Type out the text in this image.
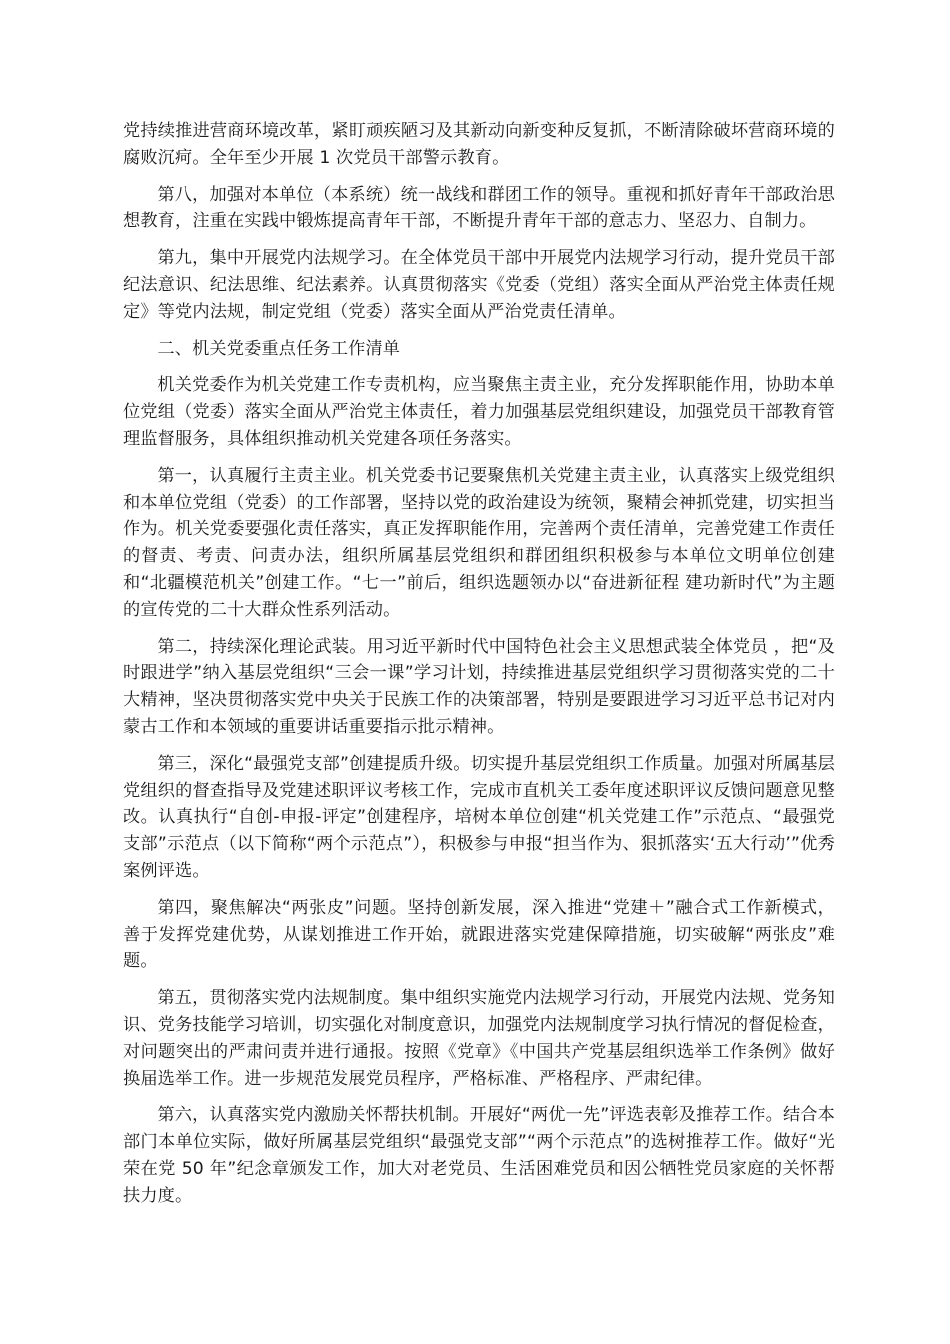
党持续推进营商环境改革，紧盯顽疾陋习及其新动向新变种反复抓，不断清除破坏营商环境的腐败沉疴。全年至少开展 1 次党员干部警示教育。

第八，加强对本单位（本系统）统一战线和群团工作的领导。重视和抓好青年干部政治思想教育，注重在实践中锻炼提高青年干部，不断提升青年干部的意志力、坚忍力、自制力。

第九，集中开展党内法规学习。在全体党员干部中开展党内法规学习行动，提升党员干部纪法意识、纪法思维、纪法素养。认真贯彻落实《党委（党组）落实全面从严治党主体责任规定》等党内法规，制定党组（党委）落实全面从严治党责任清单。

二、机关党委重点任务工作清单

机关党委作为机关党建工作专责机构，应当聚焦主责主业，充分发挥职能作用，协助本单位党组（党委）落实全面从严治党主体责任，着力加强基层党组织建设，加强党员干部教育管理监督服务，具体组织推动机关党建各项任务落实。

第一，认真履行主责主业。机关党委书记要聚焦机关党建主责主业，认真落实上级党组织和本单位党组（党委）的工作部署，坚持以党的政治建设为统领，聚精会神抓党建，切实担当作为。机关党委要强化责任落实，真正发挥职能作用，完善两个责任清单，完善党建工作责任的督责、考责、问责办法，组织所属基层党组织和群团组织积极参与本单位文明单位创建和“北疆模范机关”创建工作。“七一”前后，组织选题领办以“奋进新征程 建功新时代”为主题的宣传党的二十大群众性系列活动。

第二，持续深化理论武装。用习近平新时代中国特色社会主义思想武装全体党员 ，把“及时跟进学”纳入基层党组织“三会一课”学习计划，持续推进基层党组织学习贯彻落实党的二十大精神，坚决贯彻落实党中央关于民族工作的决策部署，特别是要跟进学习习近平总书记对内蒙古工作和本领域的重要讲话重要指示批示精神。

第三，深化“最强党支部”创建提质升级。切实提升基层党组织工作质量。加强对所属基层党组织的督查指导及党建述职评议考核工作，完成市直机关工委年度述职评议反馈问题意见整改。认真执行“自创-申报-评定”创建程序，培树本单位创建“机关党建工作”示范点、“最强党支部”示范点（以下简称“两个示范点”），积极参与申报“担当作为、狠抓落实‘五大行动’”优秀案例评选。

第四，聚焦解决“两张皮”问题。坚持创新发展，深入推进“党建＋”融合式工作新模式，善于发挥党建优势，从谋划推进工作开始，就跟进落实党建保障措施，切实破解“两张皮”难题。

第五，贯彻落实党内法规制度。集中组织实施党内法规学习行动，开展党内法规、党务知识、党务技能学习培训，切实强化对制度意识，加强党内法规制度学习执行情况的督促检查，对问题突出的严肃问责并进行通报。按照《党章》《中国共产党基层组织选举工作条例》做好换届选举工作。进一步规范发展党员程序，严格标准、严格程序、严肃纪律。

第六，认真落实党内激励关怀帮扶机制。开展好“两优一先”评选表彰及推荐工作。结合本部门本单位实际，做好所属基层党组织“最强党支部”“两个示范点”的选树推荐工作。做好“光荣在党 50 年”纪念章颁发工作，加大对老党员、生活困难党员和因公牺牲党员家庭的关怀帮扶力度。
